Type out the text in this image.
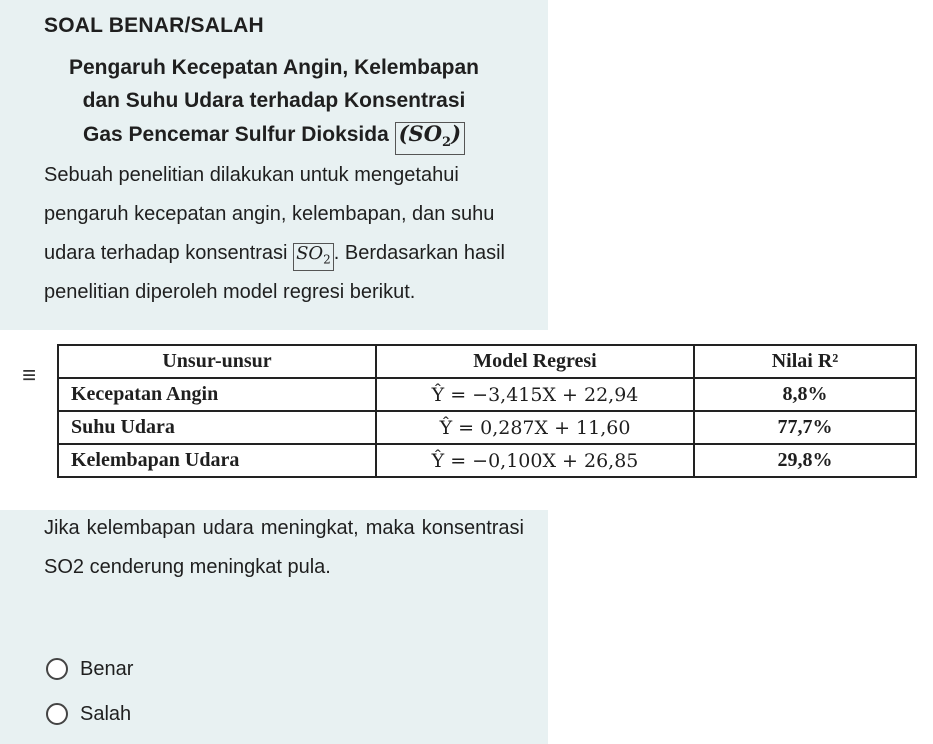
SOAL BENAR/SALAH
Pengaruh Kecepatan Angin, Kelembapan
dan Suhu Udara terhadap Konsentrasi
Gas Pencemar Sulfur Dioksida $(SO_2)$
Sebuah penelitian dilakukan untuk mengetahui pengaruh kecepatan angin, kelembapan, dan suhu udara terhadap konsentrasi $SO_2$ . Berdasarkan hasil penelitian diperoleh model regresi berikut.
≡
Unsur-unsur	Model Regresi	Nilai R²
Kecepatan Angin	Ŷ = −3,415X + 22,94	8,8%
Suhu Udara	Ŷ = 0,287X + 11,60	77,7%
Kelembapan Udara	Ŷ = −0,100X + 26,85	29,8%
Jika kelembapan udara meningkat, maka konsentrasi SO2 cenderung meningkat pula.
Benar
Salah
